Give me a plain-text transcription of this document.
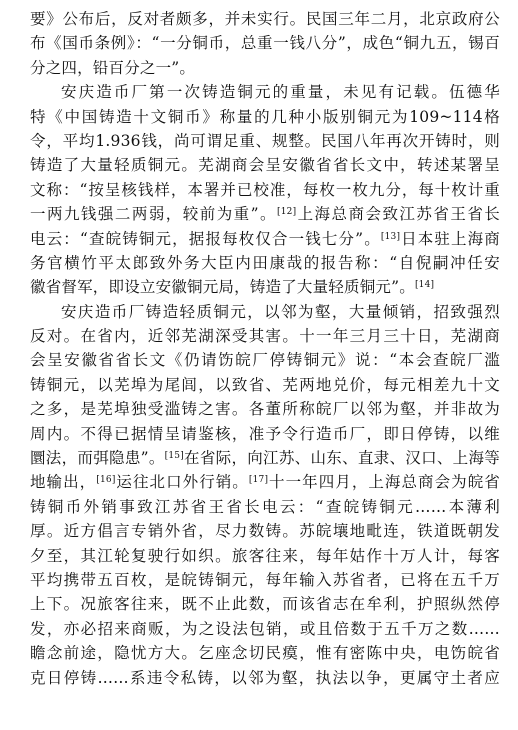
要》公布后，反对者颇多，并未实行。民国三年二月，北京政府公
布《国币条例》：“一分铜币，总重一钱八分”，成色“铜九五，锡百
分之四，铅百分之一”。
安庆造币厂第一次铸造铜元的重量，未见有记载。伍德华
特《中国铸造十文铜币》称量的几种小版别铜元为109~114格
令，平均1.936钱，尚可谓足重、规整。民国八年再次开铸时，则
铸造了大量轻质铜元。芜湖商会呈安徽省省长文中，转述某署呈
文称：“按呈核钱样，本署并已校准，每枚一枚九分，每十枚计重
一两九钱强二两弱，较前为重”。[12]上海总商会致江苏省王省长
电云：“查皖铸铜元，据报每枚仅合一钱七分”。[13]日本驻上海商
务官横竹平太郎致外务大臣内田康哉的报告称：“自倪嗣冲任安
徽省督军，即设立安徽铜元局，铸造了大量轻质铜元”。[14]
安庆造币厂铸造轻质铜元，以邻为壑，大量倾销，招致强烈
反对。在省内，近邻芜湖深受其害。十一年三月三十日，芜湖商
会呈安徽省省长文《仍请饬皖厂停铸铜元》说：“本会查皖厂滥
铸铜元，以芜埠为尾闾，以致省、芜两地兑价，每元相差九十文
之多，是芜埠独受滥铸之害。各董所称皖厂以邻为壑，并非故为
周内。不得已据情呈请鉴核，准予令行造币厂，即日停铸，以维
圜法，而弭隐患”。[15]在省际，向江苏、山东、直隶、汉口、上海等
地输出，[16]运往北口外行销。[17]十一年四月，上海总商会为皖省
铸铜币外销事致江苏省王省长电云：“查皖铸铜元……本薄利
厚。近方倡言专销外省，尽力数铸。苏皖壤地毗连，铁道既朝发
夕至，其江轮复驶行如织。旅客往来，每年姑作十万人计，每客
平均携带五百枚，是皖铸铜元，每年输入苏省者，已将在五千万
上下。况旅客往来，既不止此数，而该省志在牟利，护照纵然停
发，亦必招来商贩，为之设法包销，或且倍数于五千万之数……
瞻念前途，隐忧方大。乞座念切民瘼，惟有密陈中央，电饬皖省
克日停铸……系违令私铸，以邻为壑，执法以争，更属守土者应
